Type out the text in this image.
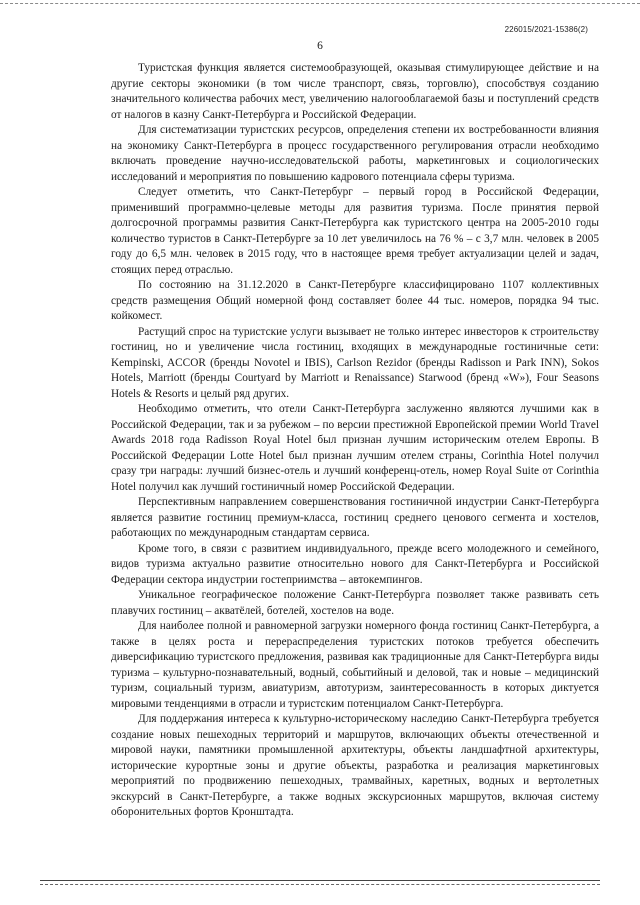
226015/2021-15386(2)
6

Туристская функция является системообразующей, оказывая стимулирующее действие и на другие секторы экономики (в том числе транспорт, связь, торговлю), способствуя созданию значительного количества рабочих мест, увеличению налогооблагаемой базы и поступлений средств от налогов в казну Санкт-Петербурга и Российской Федерации.

Для систематизации туристских ресурсов, определения степени их востребованности влияния на экономику Санкт-Петербурга в процесс государственного регулирования отрасли необходимо включать проведение научно-исследовательской работы, маркетинговых и социологических исследований и мероприятия по повышению кадрового потенциала сферы туризма.

Следует отметить, что Санкт-Петербург – первый город в Российской Федерации, применивший программно-целевые методы для развития туризма. После принятия первой долгосрочной программы развития Санкт-Петербурга как туристского центра на 2005-2010 годы количество туристов в Санкт-Петербурге за 10 лет увеличилось на 76 % – с 3,7 млн. человек в 2005 году до 6,5 млн. человек в 2015 году, что в настоящее время требует актуализации целей и задач, стоящих перед отраслью.

По состоянию на 31.12.2020 в Санкт-Петербурге классифицировано 1107 коллективных средств размещения Общий номерной фонд составляет более 44 тыс. номеров, порядка 94 тыс. койкомест.

Растущий спрос на туристские услуги вызывает не только интерес инвесторов к строительству гостиниц, но и увеличение числа гостиниц, входящих в международные гостиничные сети: Kempinski, ACCOR (бренды Novotel и IBIS), Carlson Rezidor (бренды Radisson и Park INN), Sokos Hotels, Marriott (бренды Courtyard by Marriott и Renaissance) Starwood (бренд «W»), Four Seasons Hotels & Resorts и целый ряд других.

Необходимо отметить, что отели Санкт-Петербурга заслуженно являются лучшими как в Российской Федерации, так и за рубежом – по версии престижной Европейской премии World Travel Awards 2018 года Radisson Royal Hotel был признан лучшим историческим отелем Европы. В Российской Федерации Lotte Hotel был признан лучшим отелем страны, Corinthia Hotel получил сразу три награды: лучший бизнес-отель и лучший конференц-отель, номер Royal Suite от Corinthia Hotel получил как лучший гостиничный номер Российской Федерации.

Перспективным направлением совершенствования гостиничной индустрии Санкт-Петербурга является развитие гостиниц премиум-класса, гостиниц среднего ценового сегмента и хостелов, работающих по международным стандартам сервиса.

Кроме того, в связи с развитием индивидуального, прежде всего молодежного и семейного, видов туризма актуально развитие относительно нового для Санкт-Петербурга и Российской Федерации сектора индустрии гостеприимства – автокемпингов.

Уникальное географическое положение Санкт-Петербурга позволяет также развивать сеть плавучих гостиниц – акватёлей, ботелей, хостелов на воде.

Для наиболее полной и равномерной загрузки номерного фонда гостиниц Санкт-Петербурга, а также в целях роста и перераспределения туристских потоков требуется обеспечить диверсификацию туристского предложения, развивая как традиционные для Санкт-Петербурга виды туризма – культурно-познавательный, водный, событийный и деловой, так и новые – медицинский туризм, социальный туризм, авиатуризм, автотуризм, заинтересованность в которых диктуется мировыми тенденциями в отрасли и туристским потенциалом Санкт-Петербурга.

Для поддержания интереса к культурно-историческому наследию Санкт-Петербурга требуется создание новых пешеходных территорий и маршрутов, включающих объекты отечественной и мировой науки, памятники промышленной архитектуры, объекты ландшафтной архитектуры, исторические курортные зоны и другие объекты, разработка и реализация маркетинговых мероприятий по продвижению пешеходных, трамвайных, каретных, водных и вертолетных экскурсий в Санкт-Петербурге, а также водных экскурсионных маршрутов, включая систему оборонительных фортов Кронштадта.
